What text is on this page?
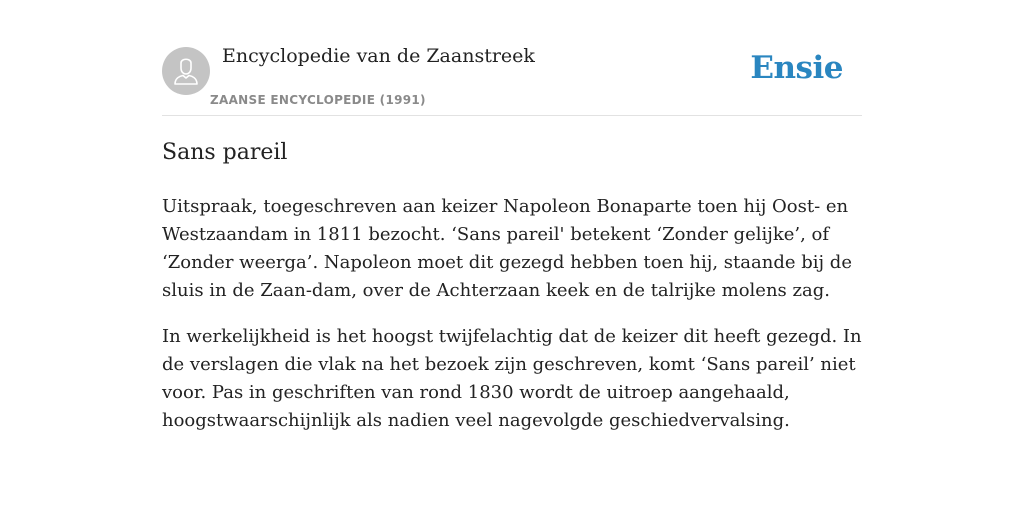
Encyclopedie van de Zaanstreek
ZAANSE ENCYCLOPEDIE (1991)
Ensie
Sans pareil

Uitspraak, toegeschreven aan keizer Napoleon Bonaparte toen hij Oost- en Westzaandam in 1811 bezocht. ‘Sans pareil' betekent ‘Zonder gelijke’, of ‘Zonder weerga’. Napoleon moet dit gezegd hebben toen hij, staande bij de sluis in de Zaan-dam, over de Achterzaan keek en de talrijke molens zag.

In werkelijkheid is het hoogst twijfelachtig dat de keizer dit heeft gezegd. In de verslagen die vlak na het bezoek zijn geschreven, komt ‘Sans pareil’ niet voor. Pas in geschriften van rond 1830 wordt de uitroep aangehaald, hoogstwaarschijnlijk als nadien veel nagevolgde geschiedvervalsing.
